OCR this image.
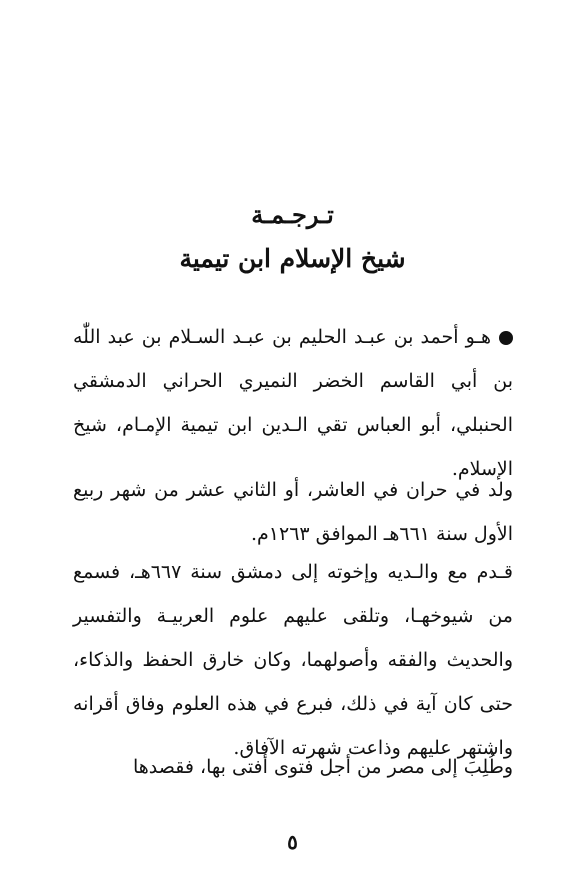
تـرجـمـة
شيخ الإسلام ابن تيمية

هـو أحمد بن عبـد الحليم بن عبـد السـلام بن عبد اللّٰه بن أبي القاسم الخضر النميري الحراني الدمشقي الحنبلي، أبو العباس تقي الـدين ابن تيمية الإمـام، شيخ الإسلام.

ولد في حران في العاشر، أو الثاني عشر من شهر ربيع الأول سنة ٦٦١هـ الموافق ١٢٦٣م.

قـدم مع والـديه وإخوته إلى دمشق سنة ٦٦٧هـ، فسمع من شيوخهـا، وتلقى عليهم علوم العربيـة والتفسير والحديث والفقه وأصولهما، وكان خارق الحفظ والذكاء، حتى كان آية في ذلك، فبرع في هذه العلوم وفاق أقرانه واشتهر عليهم وذاعت شهرته الآفاق.

وطُلِبَ إلى مصر من أجل فتوى أفتى بها، فقصدها

٥
